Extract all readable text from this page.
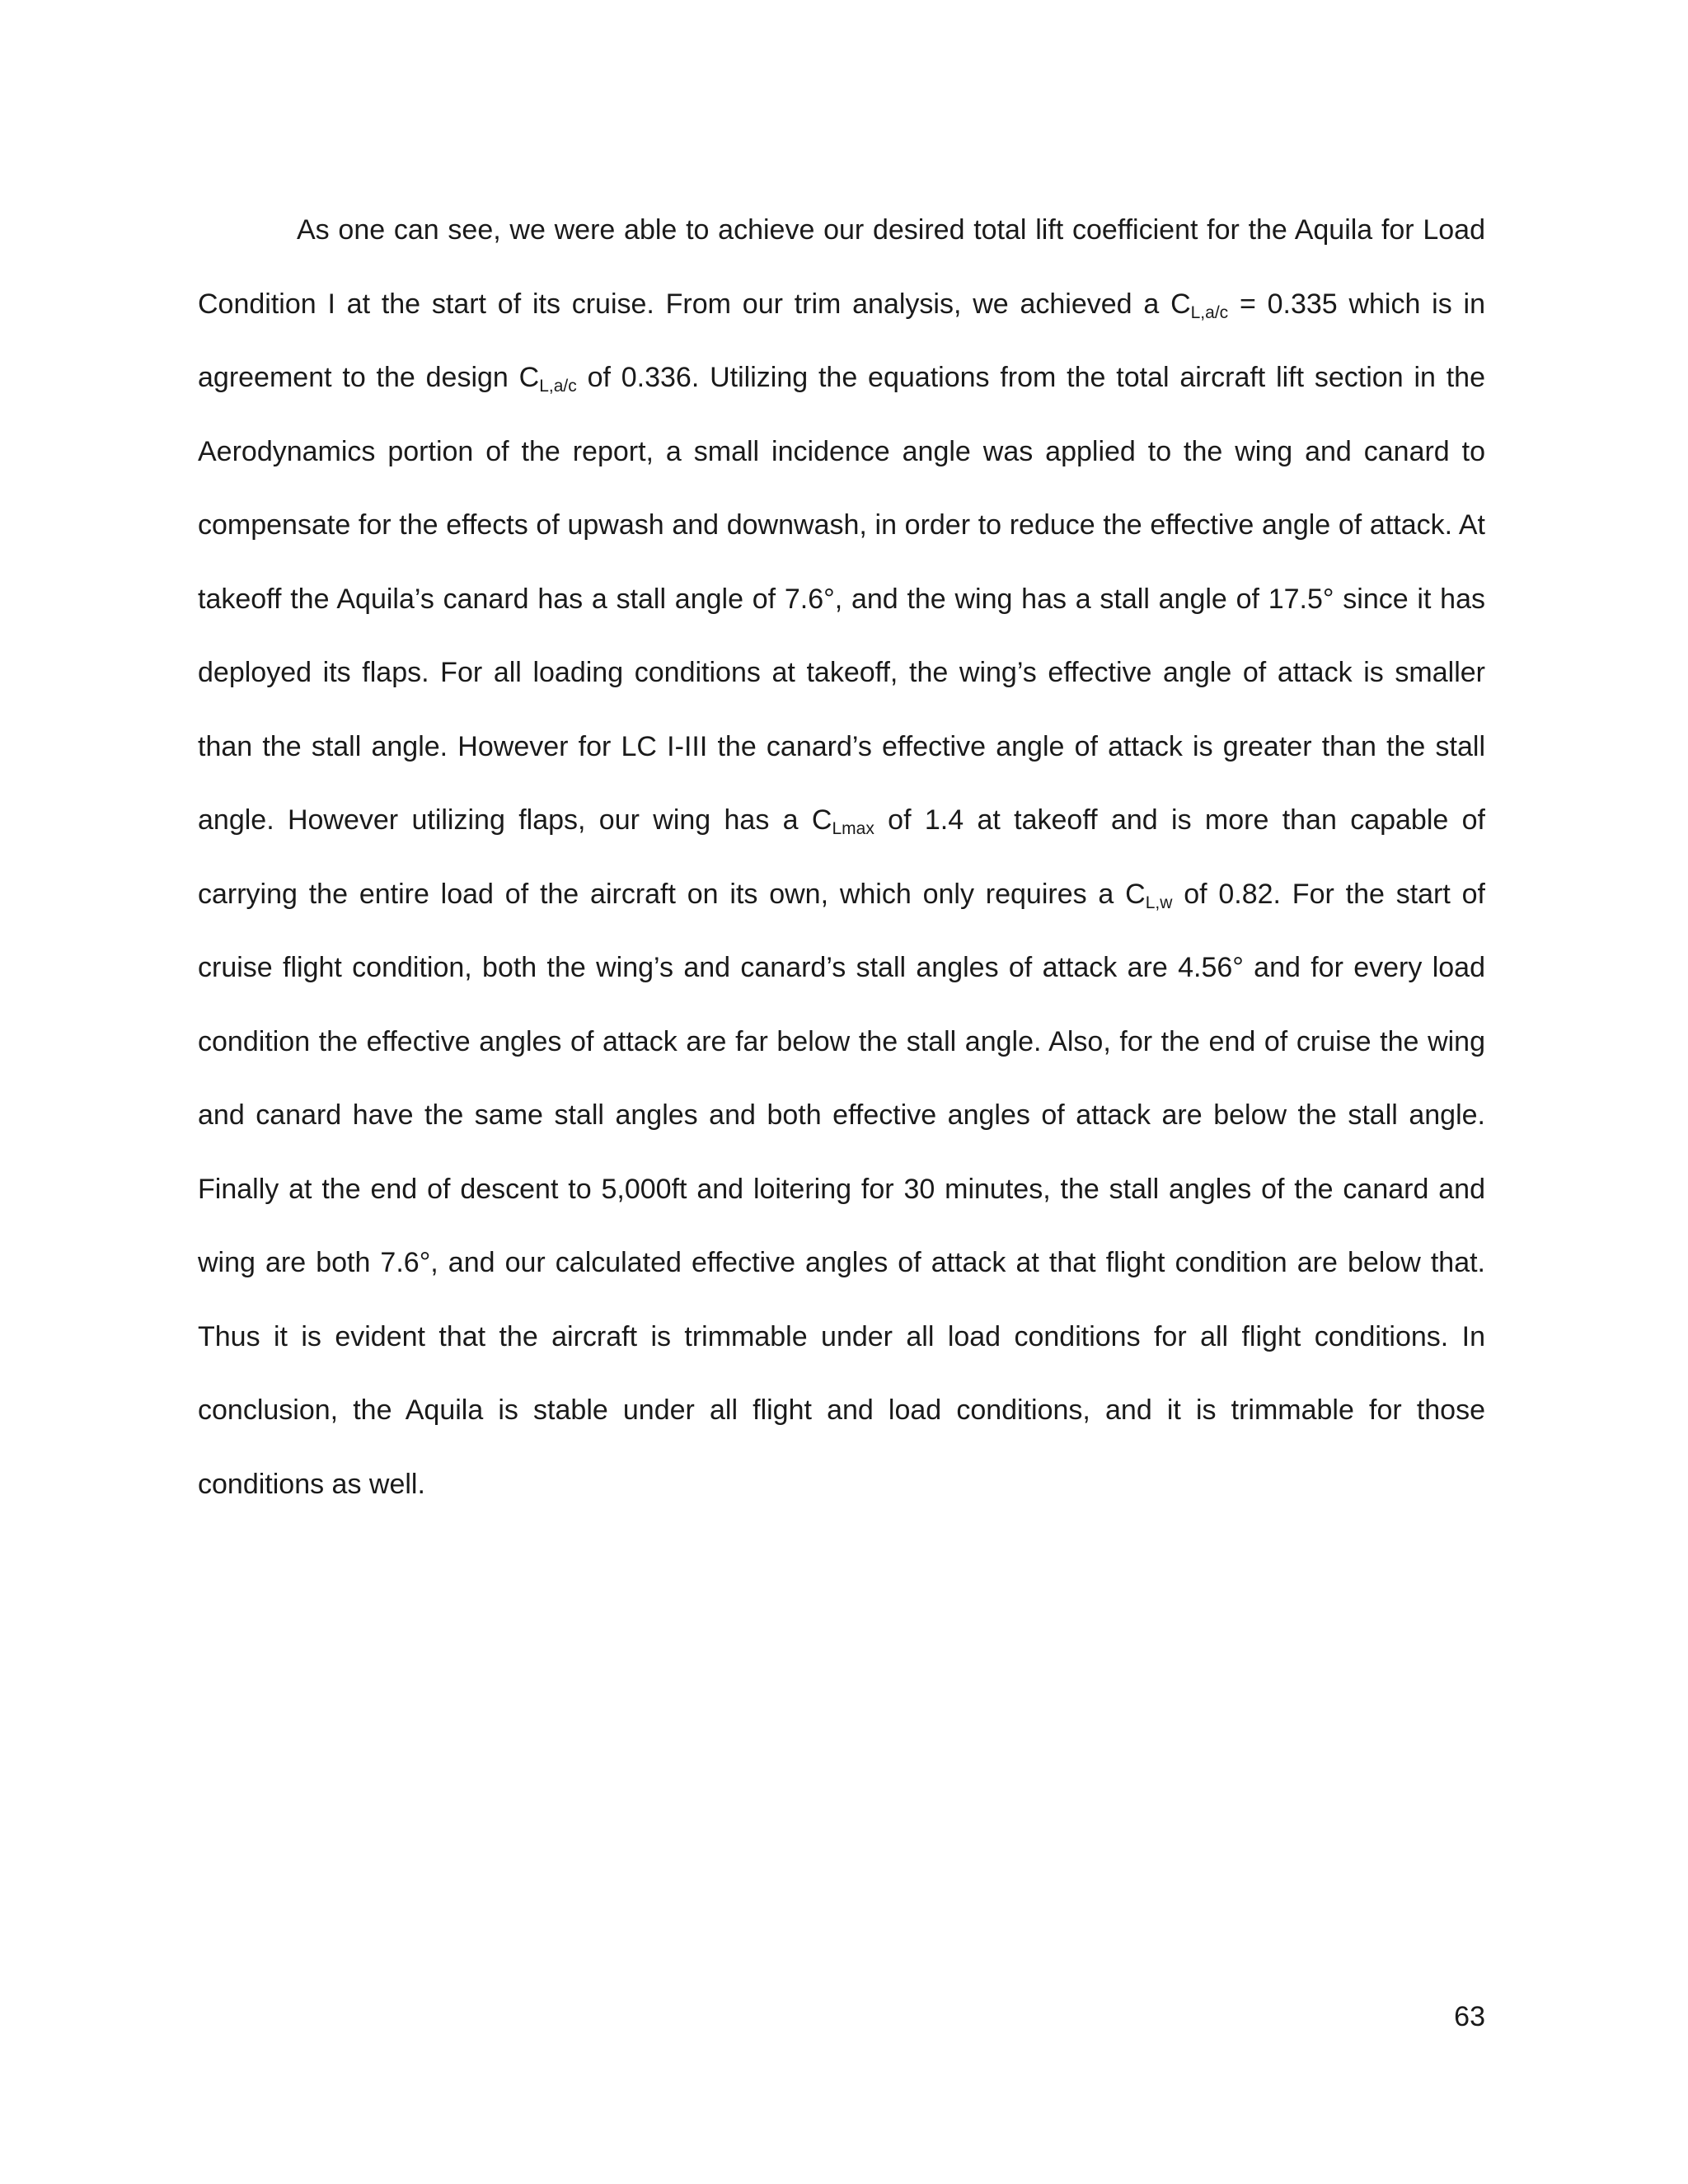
As one can see, we were able to achieve our desired total lift coefficient for the Aquila for Load Condition I at the start of its cruise. From our trim analysis, we achieved a $C_{L,a/c} = 0.335$ which is in agreement to the design $C_{L,a/c}$ of 0.336. Utilizing the equations from the total aircraft lift section in the Aerodynamics portion of the report, a small incidence angle was applied to the wing and canard to compensate for the effects of upwash and downwash, in order to reduce the effective angle of attack. At takeoff the Aquila’s canard has a stall angle of 7.6°, and the wing has a stall angle of 17.5° since it has deployed its flaps. For all loading conditions at takeoff, the wing’s effective angle of attack is smaller than the stall angle. However for LC I-III the canard’s effective angle of attack is greater than the stall angle. However utilizing flaps, our wing has a $C_{Lmax}$ of 1.4 at takeoff and is more than capable of carrying the entire load of the aircraft on its own, which only requires a $C_{L,w}$ of 0.82. For the start of cruise flight condition, both the wing’s and canard’s stall angles of attack are 4.56° and for every load condition the effective angles of attack are far below the stall angle. Also, for the end of cruise the wing and canard have the same stall angles and both effective angles of attack are below the stall angle. Finally at the end of descent to 5,000ft and loitering for 30 minutes, the stall angles of the canard and wing are both 7.6°, and our calculated effective angles of attack at that flight condition are below that. Thus it is evident that the aircraft is trimmable under all load conditions for all flight conditions. In conclusion, the Aquila is stable under all flight and load conditions, and it is trimmable for those conditions as well.

63
